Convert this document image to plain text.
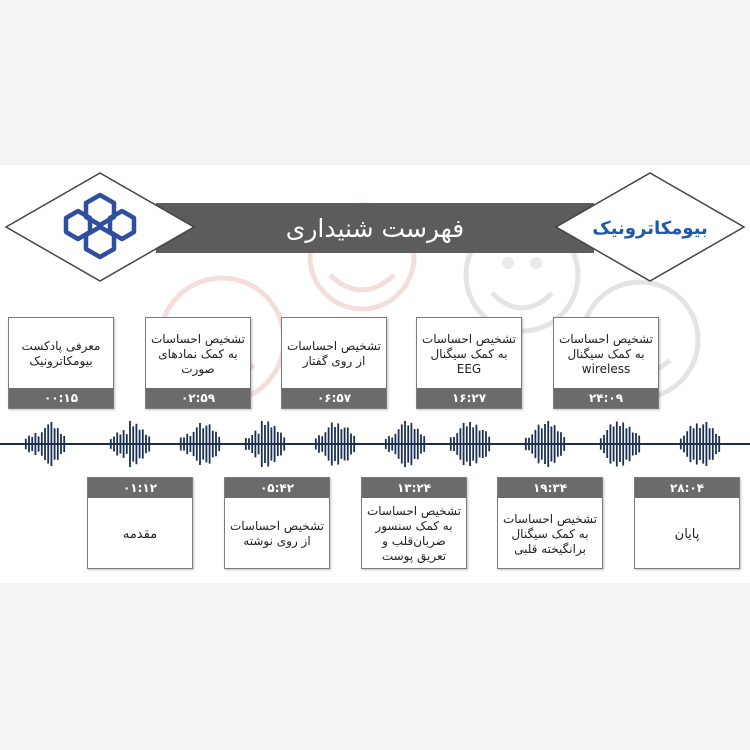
فهرست شنیداری	بیومکاترونیک
معرفی پادکست بیومکاترونیک
۰۰:۱۵
تشخیص احساسات به کمک نمادهای صورت
۰۲:۵۹
تشخیص احساسات از روی گفتار
۰۶:۵۷
تشخیص احساسات به کمک سیگنال EEG
۱۶:۲۷
تشخیص احساسات به کمک سیگنال wireless
۲۴:۰۹
۰۱:۱۲
مقدمه
۰۵:۴۲
تشخیص احساسات از روی نوشته
۱۳:۲۴
تشخیص احساسات به کمک سنسور ضربان‌قلب و تعریق پوست
۱۹:۳۴
تشخیص احساسات به کمک سیگنال برانگیخته قلبی
۲۸:۰۴
پایان
